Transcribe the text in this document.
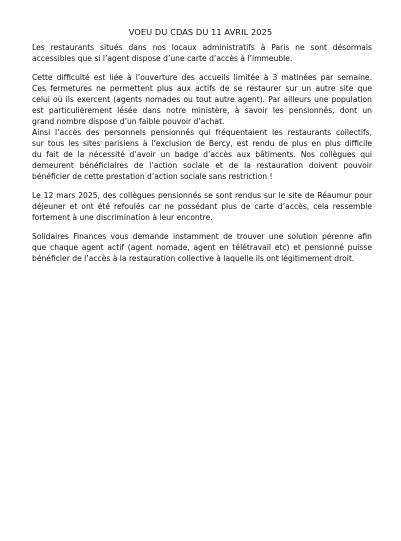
VOEU DU CDAS DU 11 AVRIL 2025

Les restaurants situés dans nos locaux administratifs à Paris ne sont désormais
accessibles que si l’agent dispose d’une carte d’accès à l’immeuble.

Cette difficulté est liée à l’ouverture des accueils limitée à 3 matinées par semaine.
Ces fermetures ne permettent plus aux actifs de se restaurer sur un autre site que
celui où ils exercent (agents nomades ou tout autre agent). Par ailleurs une population
est particulièrement lésée dans notre ministère, à savoir les pensionnés, dont un
grand nombre dispose d’un faible pouvoir d’achat.

Ainsi l’accès des personnels pensionnés qui fréquentaient les restaurants collectifs,
sur tous les sites parisiens à l’exclusion de Bercy, est rendu de plus en plus difficile
du fait de la nécessité d’avoir un badge d’accès aux bâtiments. Nos collègues qui
demeurent bénéficiaires de l’action sociale et de la restauration doivent pouvoir
bénéficier de cette prestation d’action sociale sans restriction !

Le 12 mars 2025, des collègues pensionnés se sont rendus sur le site de Réaumur pour
déjeuner et ont été refoulés car ne possédant plus de carte d’accès, cela ressemble
fortement à une discrimination à leur encontre.

Solidaires Finances vous demande instamment de trouver une solution pérenne afin
que chaque agent actif (agent nomade, agent en télétravail etc) et pensionné puisse
bénéficier de l’accès à la restauration collective à laquelle ils ont légitimement droit.
